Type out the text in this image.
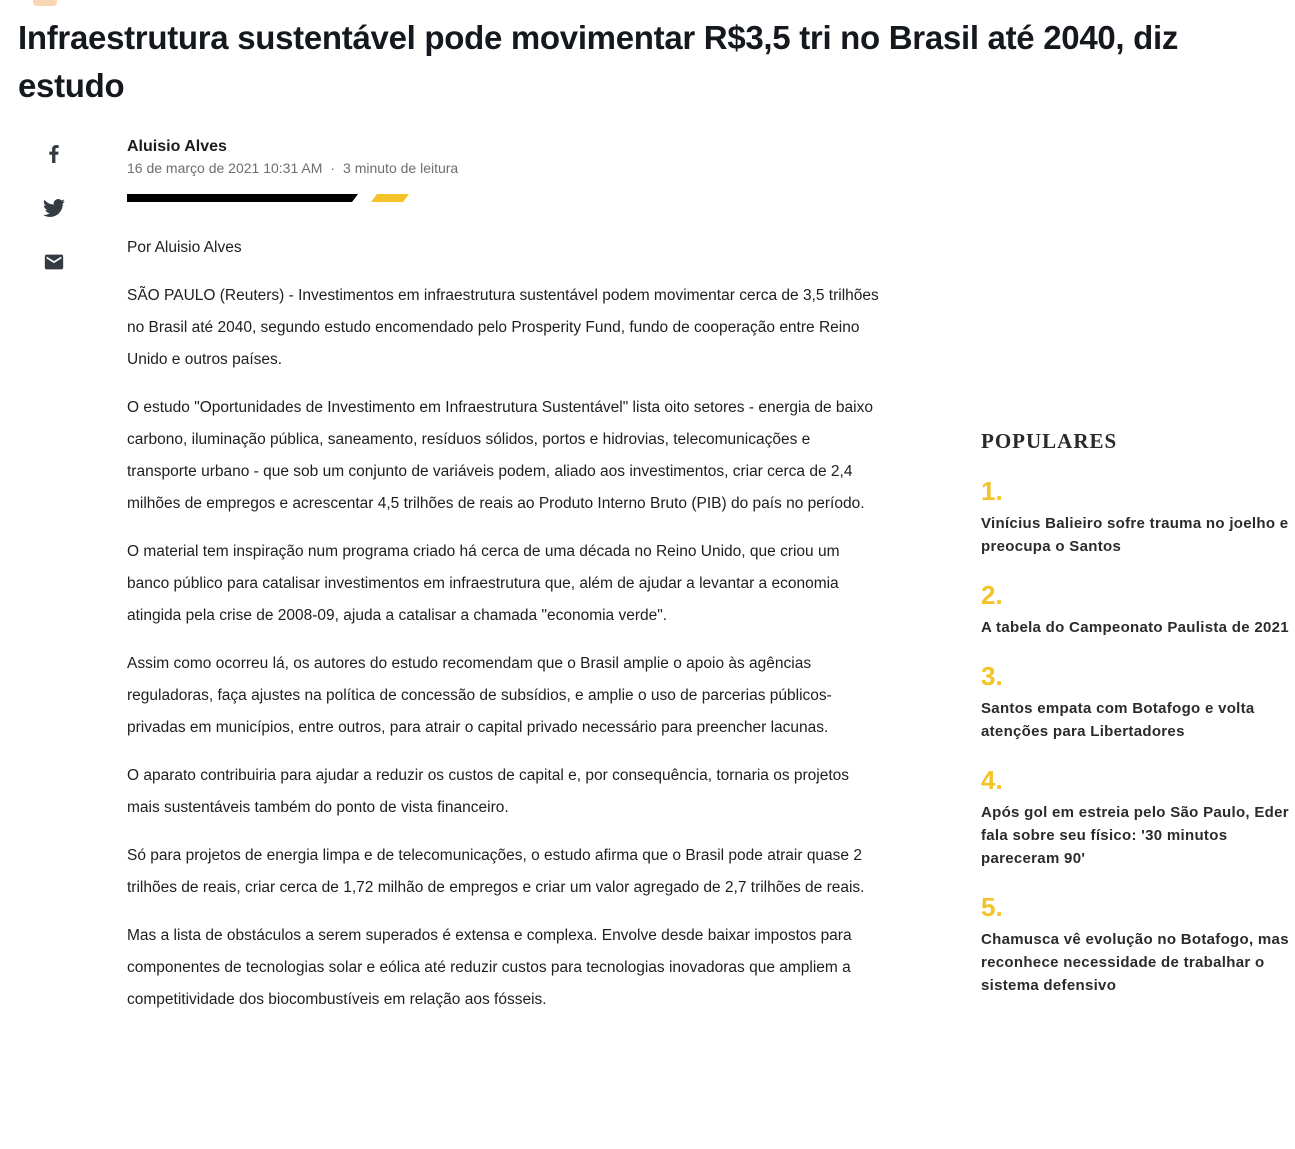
Infraestrutura sustentável pode movimentar R$3,5 tri no Brasil até 2040, diz estudo
Aluisio Alves
16 de março de 2021 10:31 AM · 3 minuto de leitura

Por Aluisio Alves

SÃO PAULO (Reuters) - Investimentos em infraestrutura sustentável podem movimentar cerca de 3,5 trilhões no Brasil até 2040, segundo estudo encomendado pelo Prosperity Fund, fundo de cooperação entre Reino Unido e outros países.

O estudo "Oportunidades de Investimento em Infraestrutura Sustentável" lista oito setores - energia de baixo carbono, iluminação pública, saneamento, resíduos sólidos, portos e hidrovias, telecomunicações e transporte urbano - que sob um conjunto de variáveis podem, aliado aos investimentos, criar cerca de 2,4 milhões de empregos e acrescentar 4,5 trilhões de reais ao Produto Interno Bruto (PIB) do país no período.

O material tem inspiração num programa criado há cerca de uma década no Reino Unido, que criou um banco público para catalisar investimentos em infraestrutura que, além de ajudar a levantar a economia atingida pela crise de 2008-09, ajuda a catalisar a chamada "economia verde".

Assim como ocorreu lá, os autores do estudo recomendam que o Brasil amplie o apoio às agências reguladoras, faça ajustes na política de concessão de subsídios, e amplie o uso de parcerias públicos-privadas em municípios, entre outros, para atrair o capital privado necessário para preencher lacunas.

O aparato contribuiria para ajudar a reduzir os custos de capital e, por consequência, tornaria os projetos mais sustentáveis também do ponto de vista financeiro.

Só para projetos de energia limpa e de telecomunicações, o estudo afirma que o Brasil pode atrair quase 2 trilhões de reais, criar cerca de 1,72 milhão de empregos e criar um valor agregado de 2,7 trilhões de reais.

Mas a lista de obstáculos a serem superados é extensa e complexa. Envolve desde baixar impostos para componentes de tecnologias solar e eólica até reduzir custos para tecnologias inovadoras que ampliem a competitividade dos biocombustíveis em relação aos fósseis.

POPULARES
1.
Vinícius Balieiro sofre trauma no joelho e preocupa o Santos
2.
A tabela do Campeonato Paulista de 2021
3.
Santos empata com Botafogo e volta atenções para Libertadores
4.
Após gol em estreia pelo São Paulo, Eder fala sobre seu físico: '30 minutos pareceram 90'
5.
Chamusca vê evolução no Botafogo, mas reconhece necessidade de trabalhar o sistema defensivo
